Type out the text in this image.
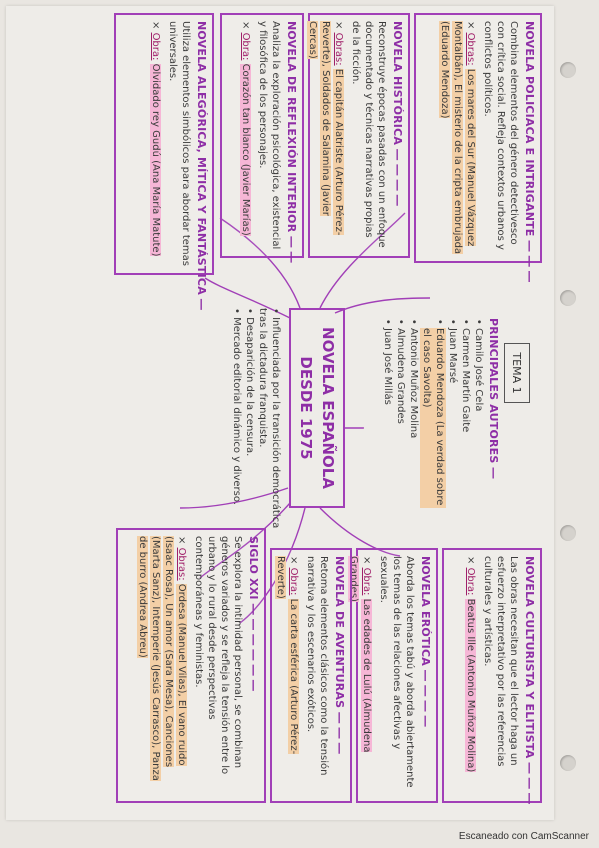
NOVELA POLICIACA E INTRIGANTE ― ― ―
Combina elementos del género detectivesco con crítica social. Refleja contextos urbanos y conflictos políticos.
× Obras: Los mares del Sur (Manuel Vázquez Montalbán), El misterio de la cripta embrujada (Eduardo Mendoza)
NOVELA HISTÓRICA ― ― ― ―
Reconstruye épocas pasadas con un enfoque documentado y técnicas narrativas propias de la ficción.
× Obras: El capitán Alatriste (Arturo Pérez-Reverte), Soldados de Salamina (Javier Cercas)
NOVELA DE REFLEXIÓN INTERIOR ― ―
Analiza la exploración psicológica, existencial y filosófica de los personajes.
× Obra: Corazón tan blanco (Javier Marías)
NOVELA ALEGÓRICA, MÍTICA Y FANTÁSTICA ―
Utiliza elementos simbólicos para abordar temas universales.
× Obra: Olvidado rey Gudú (Ana María Matute)
TEMA 1
PRINCIPALES AUTORES ―
• Camilo José Cela
• Carmen Martín Gaite
• Juan Marsé
• Eduardo Mendoza (La verdad sobre el caso Savolta)
• Antonio Muñoz Molina
• Almudena Grandes
• Juan José Millás
NOVELA ESPAÑOLA
DESDE 1975
• Influenciada por la transición democrática tras la dictadura franquista.
• Desaparición de la censura.
• Mercado editorial dinámico y diverso.
NOVELA CULTURISTA Y ELITISTA ― ― ―
Las obras necesitan que el lector haga un esfuerzo interpretativo por las referencias culturales y artísticas.
× Obra: Beatus Ille (Antonio Muñoz Molina)
NOVELA ERÓTICA ― ― ― ―
Aborda los temas tabú y aborda abiertamente los temas de las relaciones afectivas y sexuales.
× Obra: Las edades de Lulú (Almudena Grandes)
NOVELA DE AVENTURAS ― ― ―
Retoma elementos clásicos como la tensión narrativa y los escenarios exóticos.
× Obra: La carta esférica (Arturo Pérez-Reverte)
SIGLO XXI ― ― ― ― ― ―
Se explora la intimidad personal, se combinan géneros variados y se refleja la tensión entre lo urbano y lo rural desde perspectivas contemporáneas y feministas.
× Obras: Ordesa (Manuel Vilas), El vano ruido (Isaac Rosa), Un amor (Sara Mesa), Canciones (Marta Sanz), Intemperie (Jesús Carrasco), Panza de burro (Andrea Abreu)
Escaneado con CamScanner
